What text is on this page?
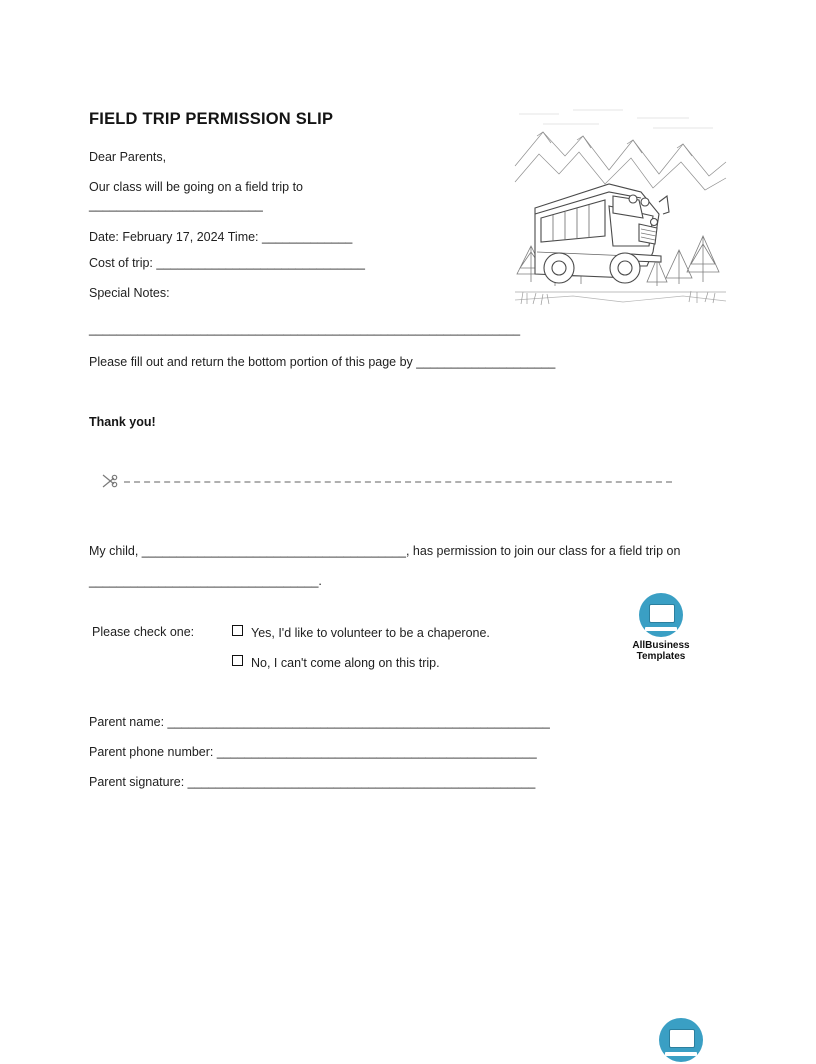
FIELD TRIP PERMISSION SLIP
Dear Parents,
Our class will be going on a field trip to
_________________________
Date: February 17, 2024 Time: _____________
Cost of trip: ______________________________
Special Notes:
______________________________________________________________
Please fill out and return the bottom portion of this page by ____________________
Thank you!
My child, ______________________________________, has permission to join our class for a field trip on _________________________________.
Please check one:	Yes, I'd like to volunteer to be a chaperone.
No, I can't come along on this trip.
Parent name: _______________________________________________________
Parent phone number: ______________________________________________
Parent signature: __________________________________________________
AllBusiness
Templates
